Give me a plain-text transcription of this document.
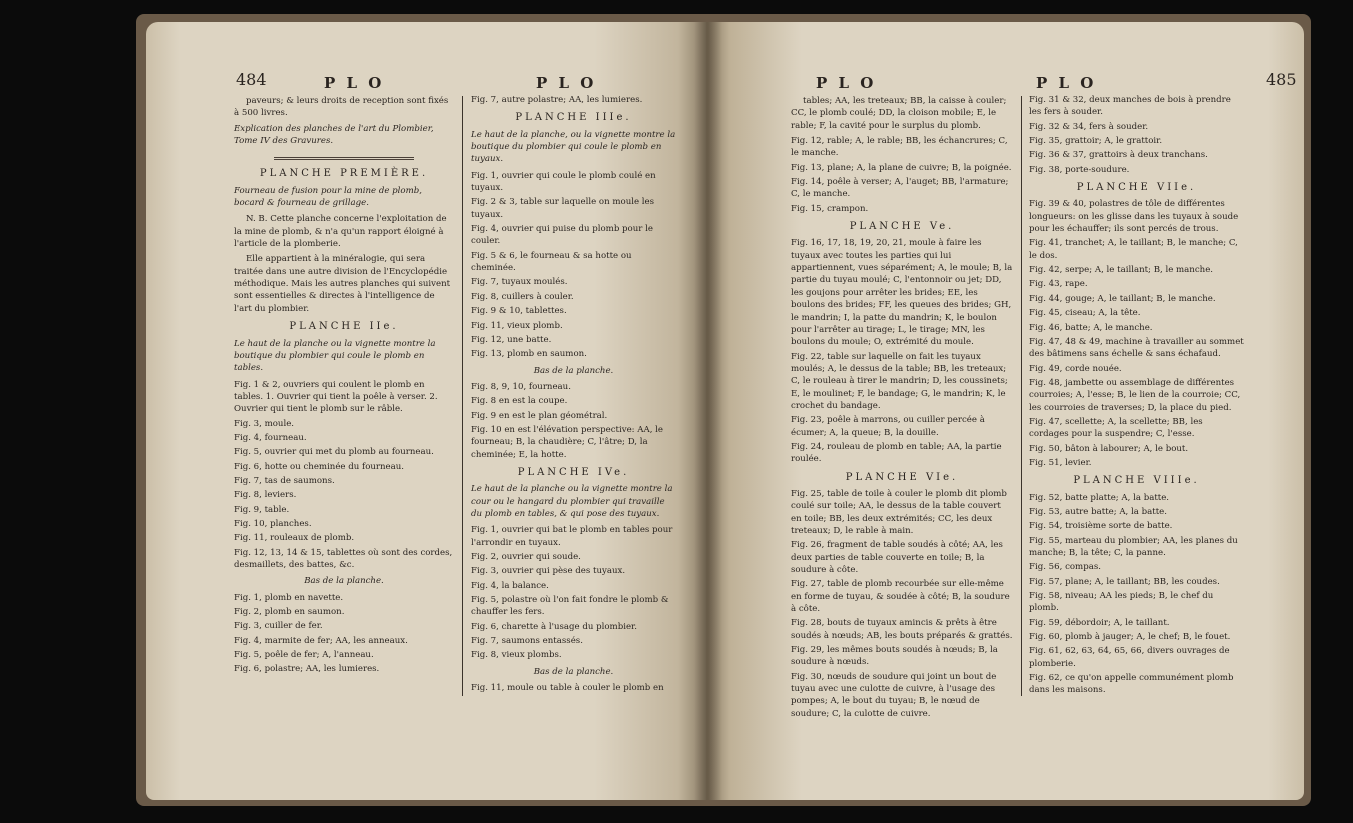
484	P L O	P L O

paveurs; & leurs droits de reception sont fixés à 500 livres.

Explication des planches de l'art du Plombier, Tome IV des Gravures.

PLANCHE PREMIÈRE.

Fourneau de fusion pour la mine de plomb, bocard & fourneau de grillage.

N. B. Cette planche concerne l'exploitation de la mine de plomb, & n'a qu'un rapport éloigné à l'article de la plomberie.

Elle appartient à la minéralogie, qui sera traitée dans une autre division de l'Encyclopédie méthodique. Mais les autres planches qui suivent sont essentielles & directes à l'intelligence de l'art du plombier.

PLANCHE IIe.

Le haut de la planche ou la vignette montre la boutique du plombier qui coule le plomb en tables.

Fig. 1 & 2, ouvriers qui coulent le plomb en tables. 1. Ouvrier qui tient la poêle à verser. 2. Ouvrier qui tient le plomb sur le râble.

Fig. 3, moule.

Fig. 4, fourneau.

Fig. 5, ouvrier qui met du plomb au fourneau.

Fig. 6, hotte ou cheminée du fourneau.

Fig. 7, tas de saumons.

Fig. 8, leviers.

Fig. 9, table.

Fig. 10, planches.

Fig. 11, rouleaux de plomb.

Fig. 12, 13, 14 & 15, tablettes où sont des cordes, desmaillets, des battes, &c.

Bas de la planche.

Fig. 1, plomb en navette.

Fig. 2, plomb en saumon.

Fig. 3, cuiller de fer.

Fig. 4, marmite de fer; AA, les anneaux.

Fig. 5, poêle de fer; A, l'anneau.

Fig. 6, polastre; AA, les lumieres.

Fig. 7, autre polastre; AA, les lumieres.

PLANCHE IIIe.

Le haut de la planche, ou la vignette montre la boutique du plombier qui coule le plomb en tuyaux.

Fig. 1, ouvrier qui coule le plomb coulé en tuyaux.

Fig. 2 & 3, table sur laquelle on moule les tuyaux.

Fig. 4, ouvrier qui puise du plomb pour le couler.

Fig. 5 & 6, le fourneau & sa hotte ou cheminée.

Fig. 7, tuyaux moulés.

Fig. 8, cuillers à couler.

Fig. 9 & 10, tablettes.

Fig. 11, vieux plomb.

Fig. 12, une batte.

Fig. 13, plomb en saumon.

Bas de la planche.

Fig. 8, 9, 10, fourneau.

Fig. 8 en est la coupe.

Fig. 9 en est le plan géométral.

Fig. 10 en est l'élévation perspective: AA, le fourneau; B, la chaudière; C, l'âtre; D, la cheminée; E, la hotte.

PLANCHE IVe.

Le haut de la planche ou la vignette montre la cour ou le hangard du plombier qui travaille du plomb en tables, & qui pose des tuyaux.

Fig. 1, ouvrier qui bat le plomb en tables pour l'arrondir en tuyaux.

Fig. 2, ouvrier qui soude.

Fig. 3, ouvrier qui pèse des tuyaux.

Fig. 4, la balance.

Fig. 5, polastre où l'on fait fondre le plomb & chauffer les fers.

Fig. 6, charette à l'usage du plombier.

Fig. 7, saumons entassés.

Fig. 8, vieux plombs.

Bas de la planche.

Fig. 11, moule ou table à couler le plomb en

P L O	P L O	485

tables; AA, les treteaux; BB, la caisse à couler; CC, le plomb coulé; DD, la cloison mobile; E, le rable; F, la cavité pour le surplus du plomb.

Fig. 12, rable; A, le rable; BB, les échancrures; C, le manche.

Fig. 13, plane; A, la plane de cuivre; B, la poignée.

Fig. 14, poêle à verser; A, l'auget; BB, l'armature; C, le manche.

Fig. 15, crampon.

PLANCHE Ve.

Fig. 16, 17, 18, 19, 20, 21, moule à faire les tuyaux avec toutes les parties qui lui appartiennent, vues séparément; A, le moule; B, la partie du tuyau moulé; C, l'entonnoir ou jet; DD, les goujons pour arrêter les brides; EE, les boulons des brides; FF, les queues des brides; GH, le mandrin; I, la patte du mandrin; K, le boulon pour l'arrêter au tirage; L, le tirage; MN, les boulons du moule; O, extrémité du moule.

Fig. 22, table sur laquelle on fait les tuyaux moulés; A, le dessus de la table; BB, les treteaux; C, le rouleau à tirer le mandrin; D, les coussinets; E, le moulinet; F, le bandage; G, le mandrin; K, le crochet du bandage.

Fig. 23, poêle à marrons, ou cuiller percée à écumer; A, la queue; B, la douille.

Fig. 24, rouleau de plomb en table; AA, la partie roulée.

PLANCHE VIe.

Fig. 25, table de toile à couler le plomb dit plomb coulé sur toile; AA, le dessus de la table couvert en toile; BB, les deux extrémités; CC, les deux treteaux; D, le rable à main.

Fig. 26, fragment de table soudés à côté; AA, les deux parties de table couverte en toile; B, la soudure à côte.

Fig. 27, table de plomb recourbée sur elle-même en forme de tuyau, & soudée à côté; B, la soudure à côte.

Fig. 28, bouts de tuyaux amincis & prêts à être soudés à nœuds; AB, les bouts préparés & grattés.

Fig. 29, les mêmes bouts soudés à nœuds; B, la soudure à nœuds.

Fig. 30, nœuds de soudure qui joint un bout de tuyau avec une culotte de cuivre, à l'usage des pompes; A, le bout du tuyau; B, le nœud de soudure; C, la culotte de cuivre.

Fig. 31 & 32, deux manches de bois à prendre les fers à souder.

Fig. 32 & 34, fers à souder.

Fig. 35, grattoir; A, le grattoir.

Fig. 36 & 37, grattoirs à deux tranchans.

Fig. 38, porte-soudure.

PLANCHE VIIe.

Fig. 39 & 40, polastres de tôle de différentes longueurs: on les glisse dans les tuyaux à soude pour les échauffer; ils sont percés de trous.

Fig. 41, tranchet; A, le taillant; B, le manche; C, le dos.

Fig. 42, serpe; A, le taillant; B, le manche.

Fig. 43, rape.

Fig. 44, gouge; A, le taillant; B, le manche.

Fig. 45, ciseau; A, la tête.

Fig. 46, batte; A, le manche.

Fig. 47, 48 & 49, machine à travailler au sommet des bâtimens sans échelle & sans échafaud.

Fig. 49, corde nouée.

Fig. 48, jambette ou assemblage de différentes courroies; A, l'esse; B, le lien de la courroie; CC, les courroies de traverses; D, la place du pied.

Fig. 47, scellette; A, la scellette; BB, les cordages pour la suspendre; C, l'esse.

Fig. 50, bâton à labourer; A, le bout.

Fig. 51, levier.

PLANCHE VIIIe.

Fig. 52, batte platte; A, la batte.

Fig. 53, autre batte; A, la batte.

Fig. 54, troisième sorte de batte.

Fig. 55, marteau du plombier; AA, les planes du manche; B, la tête; C, la panne.

Fig. 56, compas.

Fig. 57, plane; A, le taillant; BB, les coudes.

Fig. 58, niveau; AA les pieds; B, le chef du plomb.

Fig. 59, débordoir; A, le taillant.

Fig. 60, plomb à jauger; A, le chef; B, le fouet.

Fig. 61, 62, 63, 64, 65, 66, divers ouvrages de plomberie.

Fig. 62, ce qu'on appelle communément plomb dans les maisons.
